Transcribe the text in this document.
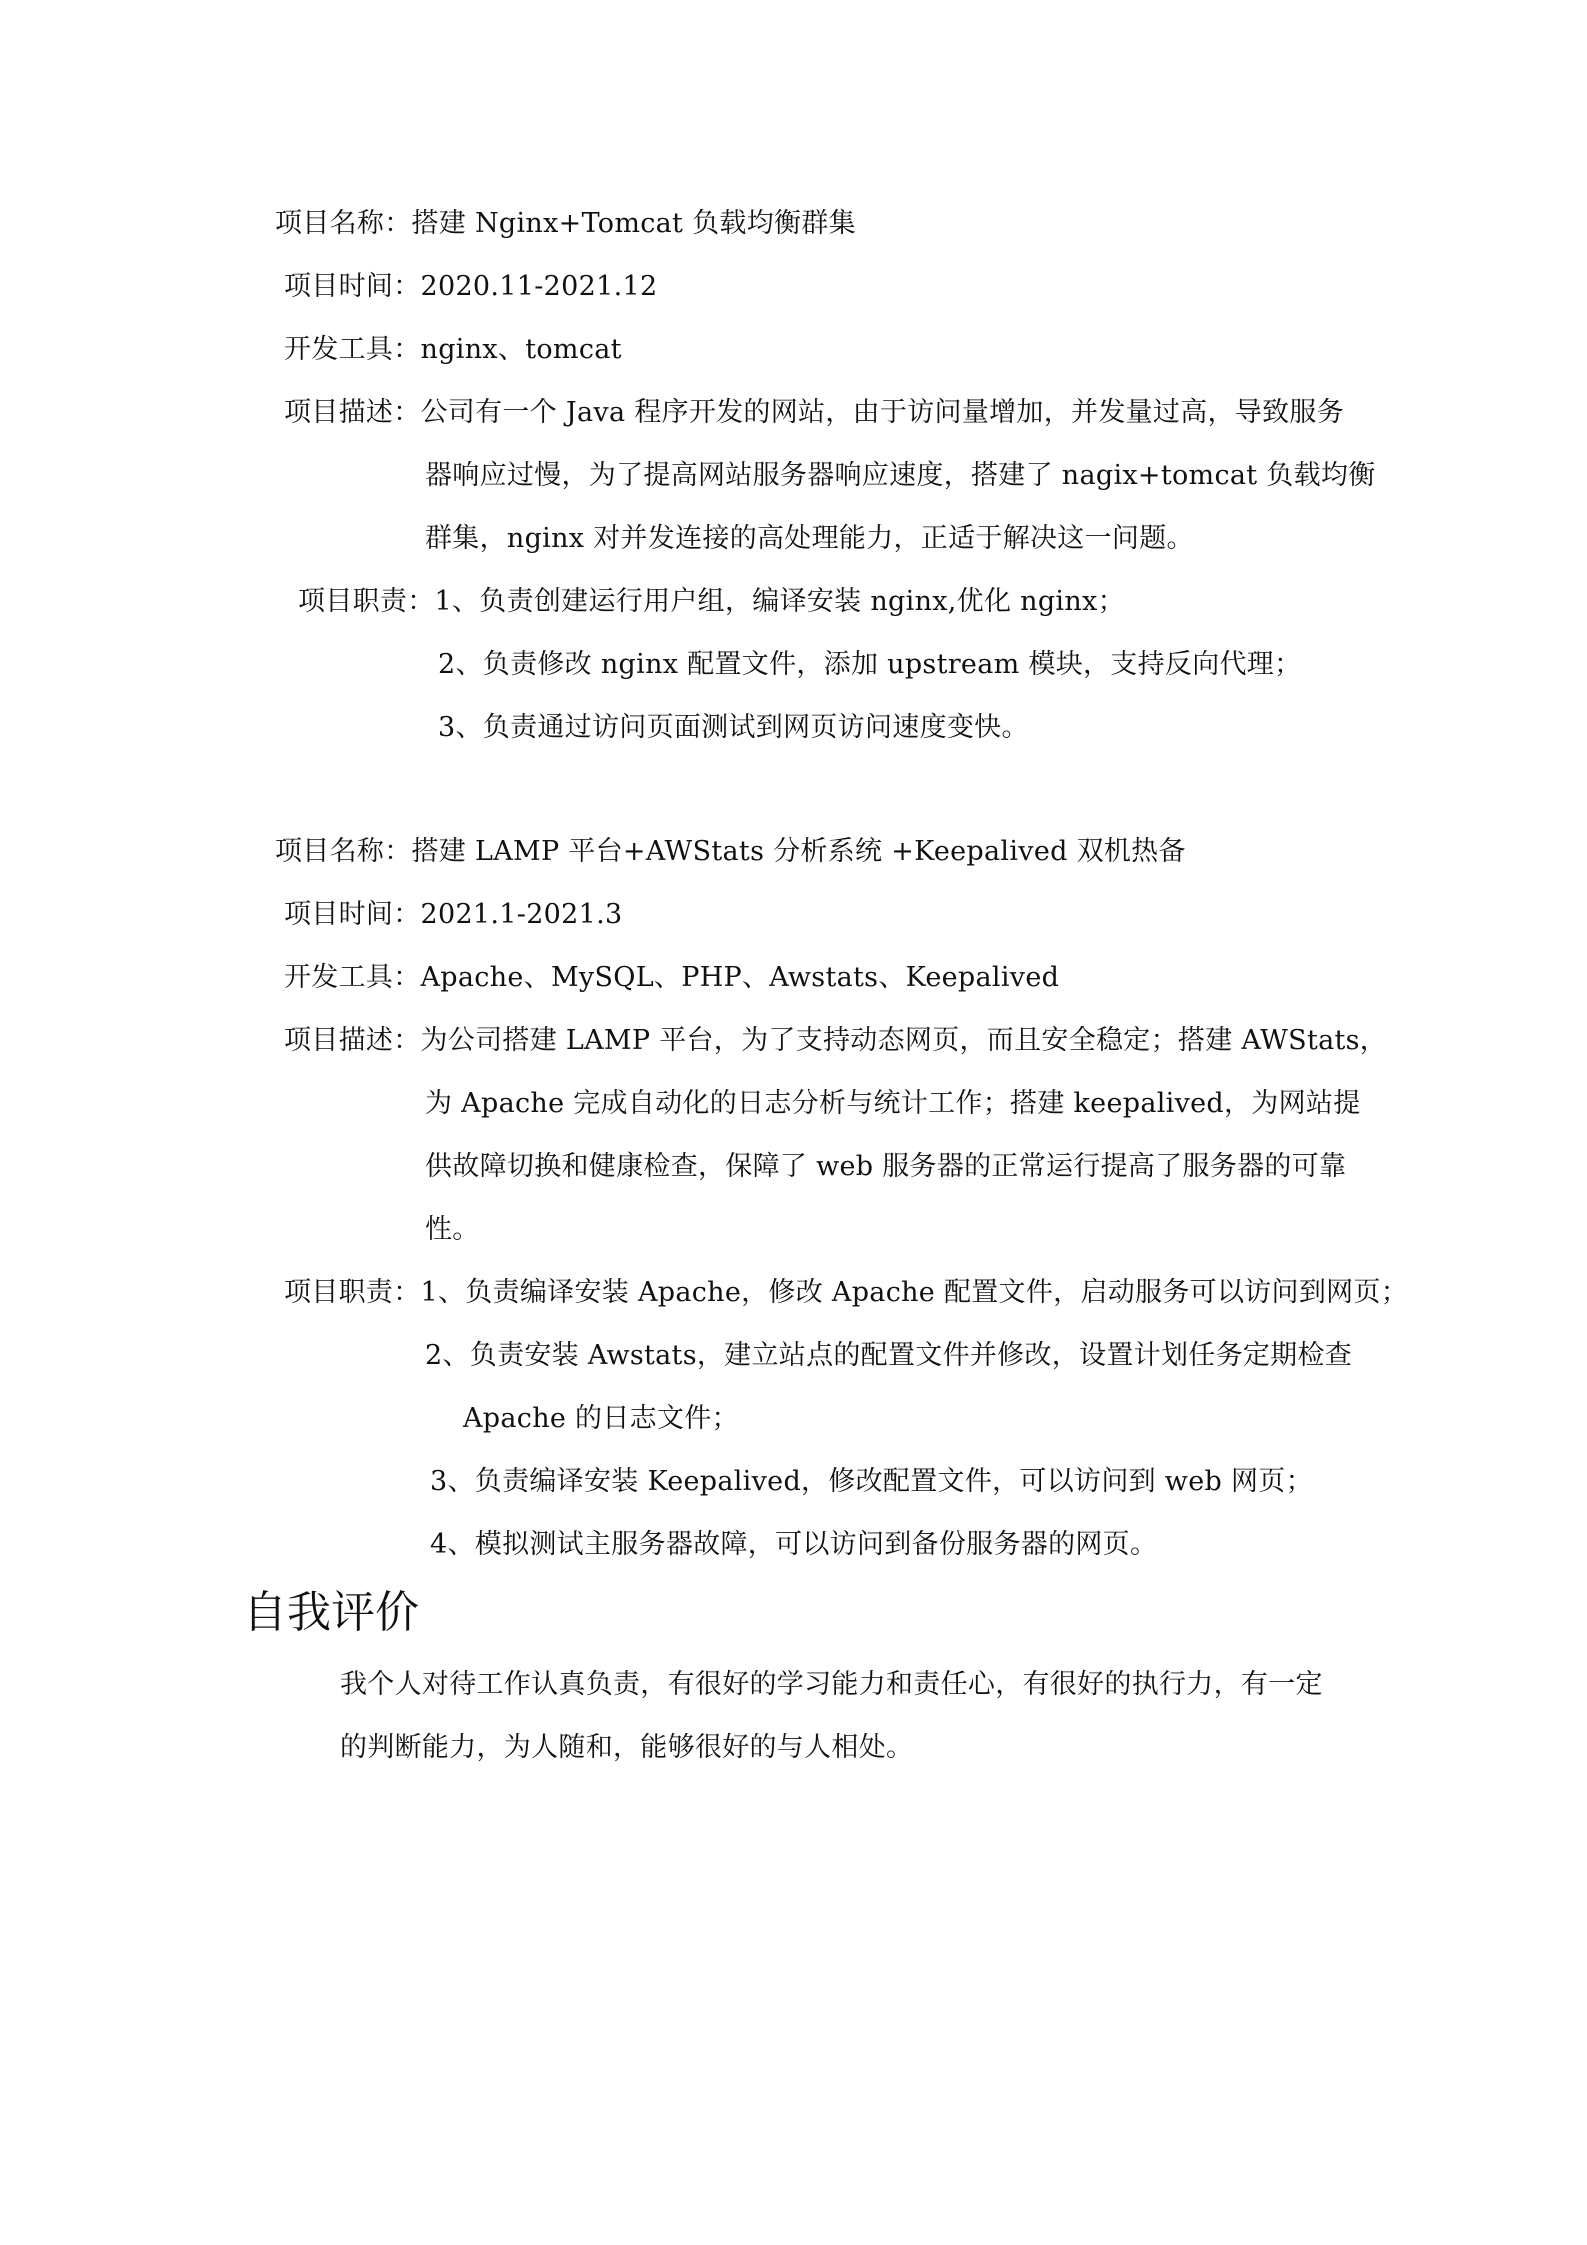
项目名称：搭建 Nginx+Tomcat 负载均衡群集
项目时间：2020.11-2021.12
开发工具：nginx、tomcat
项目描述：公司有一个 Java 程序开发的网站，由于访问量增加，并发量过高，导致服务
器响应过慢，为了提高网站服务器响应速度，搭建了 nagix+tomcat 负载均衡
群集，nginx 对并发连接的高处理能力，正适于解决这一问题。
项目职责：1、负责创建运行用户组，编译安装 nginx,优化 nginx；
2、负责修改 nginx 配置文件，添加 upstream 模块，支持反向代理；
3、负责通过访问页面测试到网页访问速度变快。
项目名称：搭建 LAMP 平台+AWStats 分析系统 +Keepalived 双机热备
项目时间：2021.1-2021.3
开发工具：Apache、MySQL、PHP、Awstats、Keepalived
项目描述：为公司搭建 LAMP 平台，为了支持动态网页，而且安全稳定；搭建 AWStats，
为 Apache 完成自动化的日志分析与统计工作；搭建 keepalived，为网站提
供故障切换和健康检查，保障了 web 服务器的正常运行提高了服务器的可靠
性。
项目职责：1、负责编译安装 Apache，修改 Apache 配置文件，启动服务可以访问到网页；
2、负责安装 Awstats，建立站点的配置文件并修改，设置计划任务定期检查
Apache 的日志文件；
3、负责编译安装 Keepalived，修改配置文件，可以访问到 web 网页；
4、模拟测试主服务器故障，可以访问到备份服务器的网页。
自我评价
我个人对待工作认真负责，有很好的学习能力和责任心，有很好的执行力，有一定
的判断能力，为人随和，能够很好的与人相处。
